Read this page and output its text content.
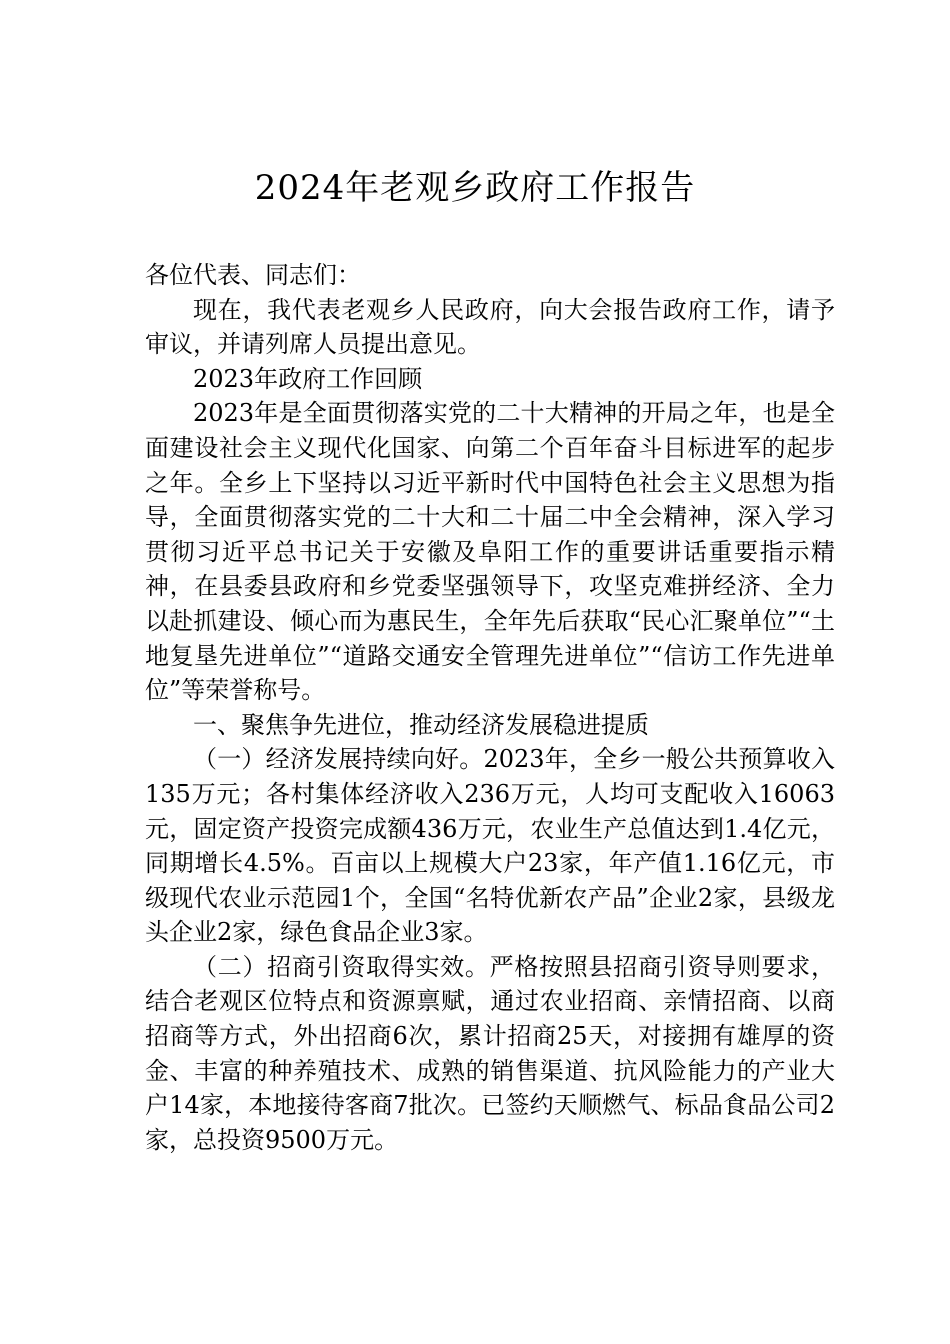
2024年老观乡政府工作报告

各位代表、同志们：

现在，我代表老观乡人民政府，向大会报告政府工作，请予审议，并请列席人员提出意见。

2023年政府工作回顾

2023年是全面贯彻落实党的二十大精神的开局之年，也是全面建设社会主义现代化国家、向第二个百年奋斗目标进军的起步之年。全乡上下坚持以习近平新时代中国特色社会主义思想为指导，全面贯彻落实党的二十大和二十届二中全会精神，深入学习贯彻习近平总书记关于安徽及阜阳工作的重要讲话重要指示精神，在县委县政府和乡党委坚强领导下，攻坚克难拼经济、全力以赴抓建设、倾心而为惠民生，全年先后获取“民心汇聚单位”“土地复垦先进单位”“道路交通安全管理先进单位”“信访工作先进单位”等荣誉称号。

一、聚焦争先进位，推动经济发展稳进提质

（一）经济发展持续向好。2023年，全乡一般公共预算收入135万元；各村集体经济收入236万元，人均可支配收入16063元，固定资产投资完成额436万元，农业生产总值达到1.4亿元，同期增长4.5%。百亩以上规模大户23家，年产值1.16亿元，市级现代农业示范园1个，全国“名特优新农产品”企业2家，县级龙头企业2家，绿色食品企业3家。

（二）招商引资取得实效。严格按照县招商引资导则要求，结合老观区位特点和资源禀赋，通过农业招商、亲情招商、以商招商等方式，外出招商6次，累计招商25天，对接拥有雄厚的资金、丰富的种养殖技术、成熟的销售渠道、抗风险能力的产业大户14家，本地接待客商7批次。已签约天顺燃气、标品食品公司2家，总投资9500万元。
